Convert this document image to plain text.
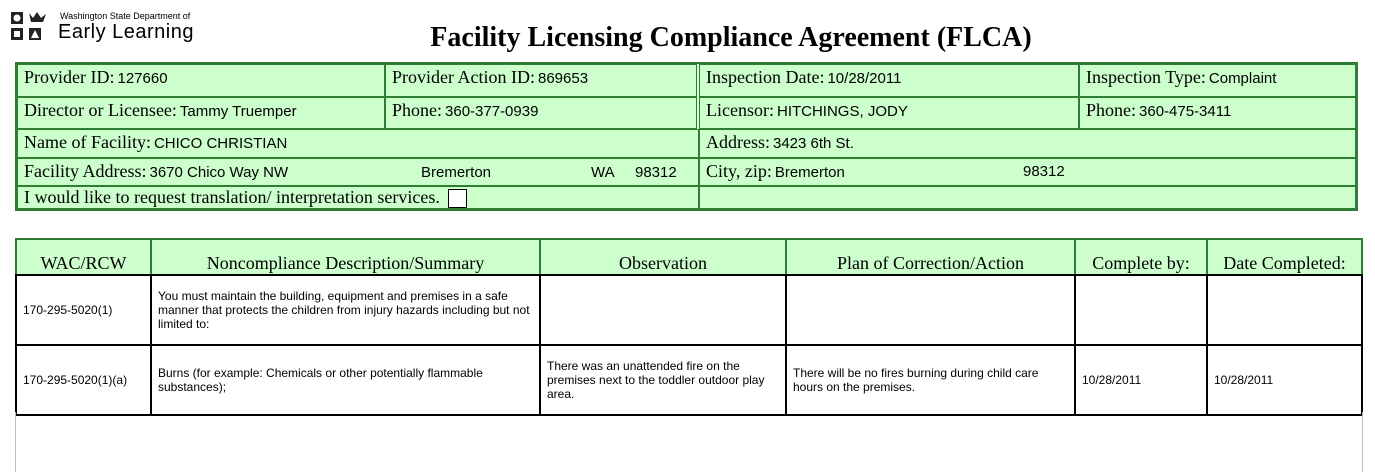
Washington State Department of
Early Learning	Facility Licensing Compliance Agreement (FLCA)
Provider ID: 127660	Provider Action ID: 869653	Inspection Date: 10/28/2011	Inspection Type: Complaint
Director or Licensee: Tammy Truemper	Phone: 360-377-0939	Licensor: HITCHINGS, JODY	Phone: 360-475-3411
Name of Facility: CHICO CHRISTIAN	Address: 3423 6th St.
Facility Address: 3670 Chico Way NW	Bremerton	WA 98312	City, zip: Bremerton	98312
I would like to request translation/ interpretation services.
WAC/RCW	Noncompliance Description/Summary	Observation	Plan of Correction/Action	Complete by:	Date Completed:
170-295-5020(1)	You must maintain the building, equipment and premises in a safe manner that protects the children from injury hazards including but not limited to:				
170-295-5020(1)(a)	Burns (for example: Chemicals or other potentially flammable substances);	There was an unattended fire on the premises next to the toddler outdoor play area.	There will be no fires burning during child care hours on the premises.	10/28/2011	10/28/2011
